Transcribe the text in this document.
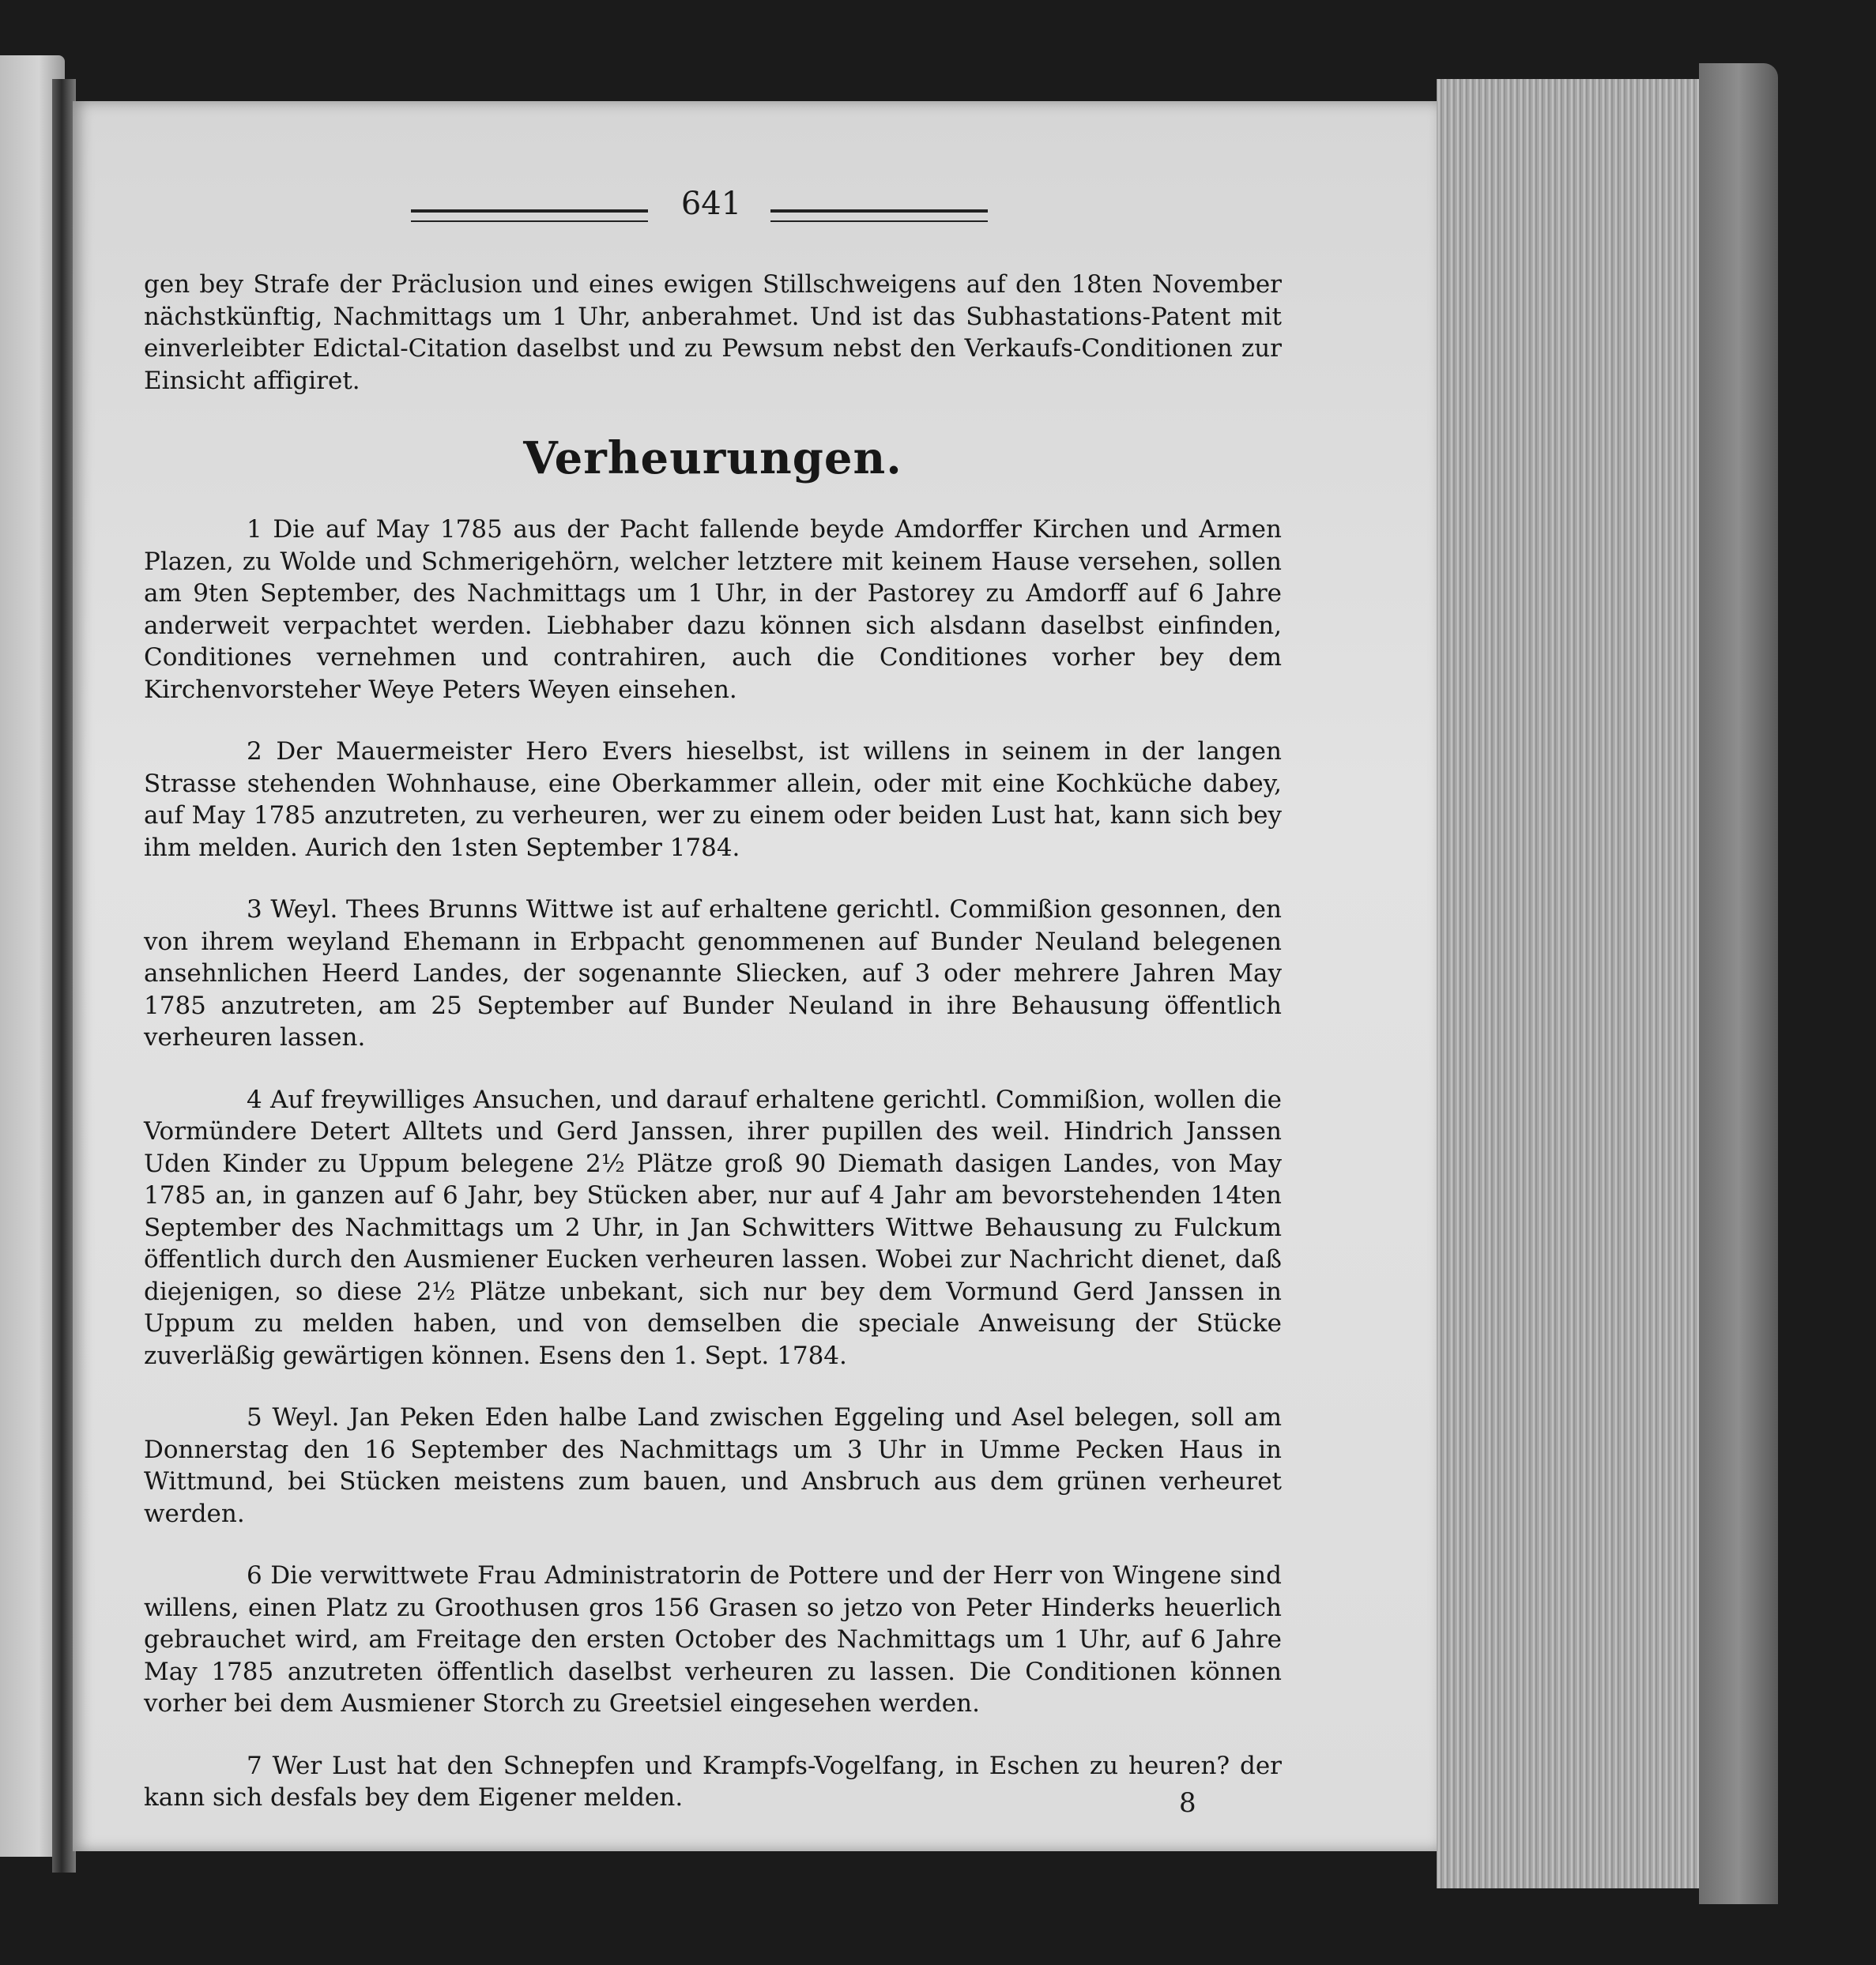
641

gen bey Strafe der Präclusion und eines ewigen Stillschweigens auf den 18ten November nächstkünftig, Nachmittags um 1 Uhr, anberahmet. Und ist das Subhastations-Patent mit einverleibter Edictal-Citation daselbst und zu Pewsum nebst den Verkaufs-Conditionen zur Einsicht affigiret.

Verheurungen.

1 Die auf May 1785 aus der Pacht fallende beyde Amdorffer Kirchen und Armen Plazen, zu Wolde und Schmerigehörn, welcher letztere mit keinem Hause versehen, sollen am 9ten September, des Nachmittags um 1 Uhr, in der Pastorey zu Amdorff auf 6 Jahre anderweit verpachtet werden. Liebhaber dazu können sich alsdann daselbst einfinden, Conditiones vernehmen und contrahiren, auch die Conditiones vorher bey dem Kirchenvorsteher Weye Peters Weyen einsehen.

2 Der Mauermeister Hero Evers hieselbst, ist willens in seinem in der langen Strasse stehenden Wohnhause, eine Oberkammer allein, oder mit eine Kochküche dabey, auf May 1785 anzutreten, zu verheuren, wer zu einem oder beiden Lust hat, kann sich bey ihm melden. Aurich den 1sten September 1784.

3 Weyl. Thees Brunns Wittwe ist auf erhaltene gerichtl. Commißion gesonnen, den von ihrem weyland Ehemann in Erbpacht genommenen auf Bunder Neuland belegenen ansehnlichen Heerd Landes, der sogenannte Sliecken, auf 3 oder mehrere Jahren May 1785 anzutreten, am 25 September auf Bunder Neuland in ihre Behausung öffentlich verheuren lassen.

4 Auf freywilliges Ansuchen, und darauf erhaltene gerichtl. Commißion, wollen die Vormündere Detert Alltets und Gerd Janssen, ihrer pupillen des weil. Hindrich Janssen Uden Kinder zu Uppum belegene 2½ Plätze groß 90 Diemath dasigen Landes, von May 1785 an, in ganzen auf 6 Jahr, bey Stücken aber, nur auf 4 Jahr am bevorstehenden 14ten September des Nachmittags um 2 Uhr, in Jan Schwitters Wittwe Behausung zu Fulckum öffentlich durch den Ausmiener Eucken verheuren lassen. Wobei zur Nachricht dienet, daß diejenigen, so diese 2½ Plätze unbekant, sich nur bey dem Vormund Gerd Janssen in Uppum zu melden haben, und von demselben die speciale Anweisung der Stücke zuverläßig gewärtigen können. Esens den 1. Sept. 1784.

5 Weyl. Jan Peken Eden halbe Land zwischen Eggeling und Asel belegen, soll am Donnerstag den 16 September des Nachmittags um 3 Uhr in Umme Pecken Haus in Wittmund, bei Stücken meistens zum bauen, und Ansbruch aus dem grünen verheuret werden.

6 Die verwittwete Frau Administratorin de Pottere und der Herr von Wingene sind willens, einen Platz zu Groothusen gros 156 Grasen so jetzo von Peter Hinderks heuerlich gebrauchet wird, am Freitage den ersten October des Nachmittags um 1 Uhr, auf 6 Jahre May 1785 anzutreten öffentlich daselbst verheuren zu lassen. Die Conditionen können vorher bei dem Ausmiener Storch zu Greetsiel eingesehen werden.

7 Wer Lust hat den Schnepfen und Krampfs-Vogelfang, in Eschen zu heuren? der kann sich desfals bey dem Eigener melden.	8
